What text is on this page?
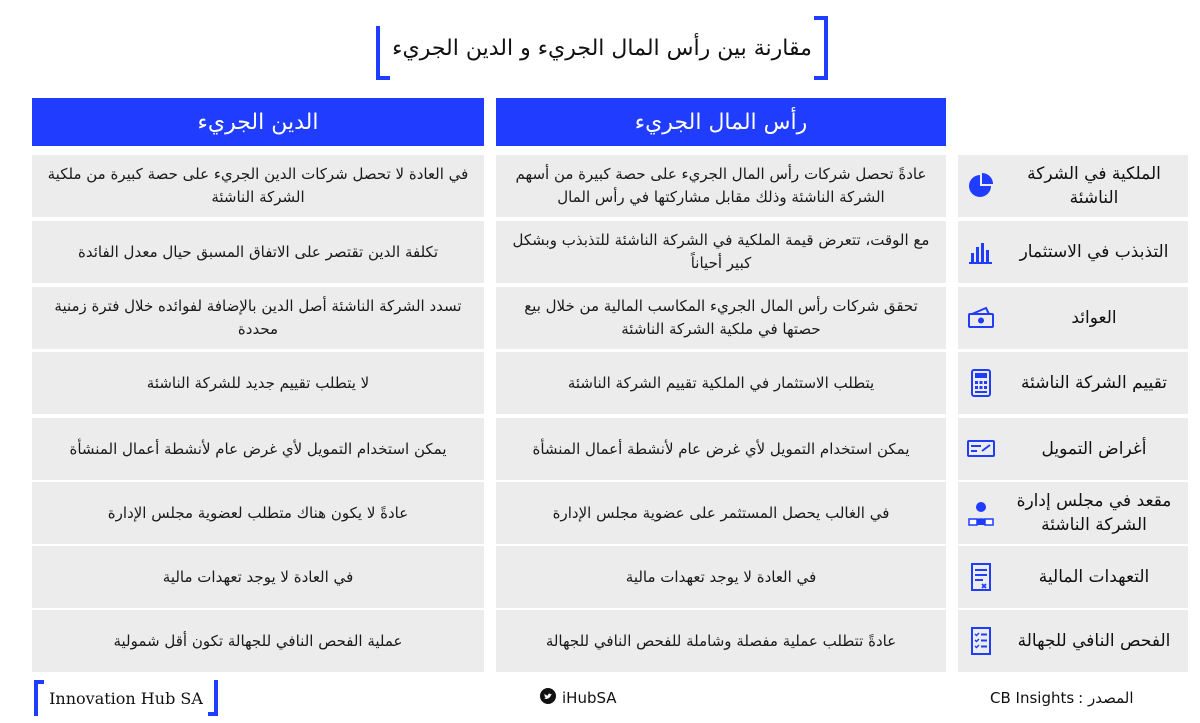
مقارنة بين رأس المال الجريء و الدين الجريء
رأس المال الجريء
الدين الجريء
الملكية في الشركة الناشئة
عادةً تحصل شركات رأس المال الجريء على حصة كبيرة من أسهم الشركة الناشئة وذلك مقابل مشاركتها في رأس المال
في العادة لا تحصل شركات الدين الجريء على حصة كبيرة من ملكية الشركة الناشئة
التذبذب في الاستثمار
مع الوقت، تتعرض قيمة الملكية في الشركة الناشئة للتذبذب وبشكل كبير أحياناً
تكلفة الدين تقتصر على الاتفاق المسبق حيال معدل الفائدة
العوائد
تحقق شركات رأس المال الجريء المكاسب المالية من خلال بيع حصتها في ملكية الشركة الناشئة
تسدد الشركة الناشئة أصل الدين بالإضافة لفوائده خلال فترة زمنية محددة
تقييم الشركة الناشئة
يتطلب الاستثمار في الملكية تقييم الشركة الناشئة
لا يتطلب تقييم جديد للشركة الناشئة
أغراض التمويل
يمكن استخدام التمويل لأي غرض عام لأنشطة أعمال المنشأة
يمكن استخدام التمويل لأي غرض عام لأنشطة أعمال المنشأة
مقعد في مجلس إدارة الشركة الناشئة
في الغالب يحصل المستثمر على عضوية مجلس الإدارة
عادةً لا يكون هناك متطلب لعضوية مجلس الإدارة
التعهدات المالية
في العادة لا يوجد تعهدات مالية
في العادة لا يوجد تعهدات مالية
الفحص النافي للجهالة
عادةً تتطلب عملية مفصلة وشاملة للفحص النافي للجهالة
عملية الفحص النافي للجهالة تكون أقل شمولية
Innovation Hub SA	iHubSA	المصدر :
CB Insights
